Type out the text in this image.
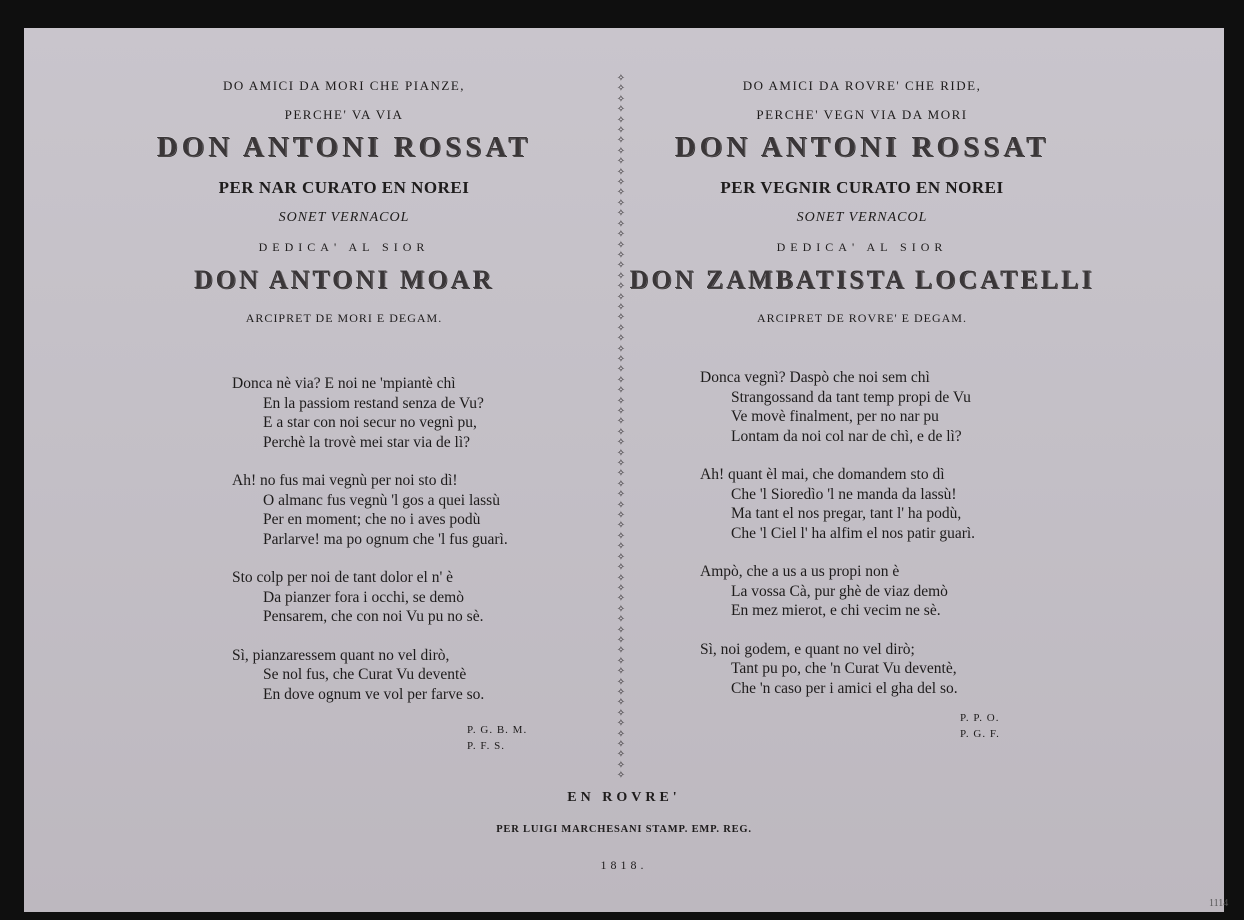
DO AMICI DA MORI CHE PIANZE,
PERCHE' VA VIA
DON ANTONI ROSSAT
PER NAR CURATO EN NOREI
SONET VERNACOL
DEDICA' AL SIOR
DON ANTONI MOAR
ARCIPRET DE MORI E DEGAM.
Donca nè via? E noi ne 'mpiantè chì
En la passiom restand senza de Vu?
E a star con noi secur no vegnì pu,
Perchè la trovè mei star via de lì?
Ah! no fus mai vegnù per noi sto dì!
O almanc fus vegnù 'l gos a quei lassù
Per en moment; che no i aves podù
Parlarve! ma po ognum che 'l fus guarì.
Sto colp per noi de tant dolor el n' è
Da pianzer fora i occhi, se demò
Pensarem, che con noi Vu pu no sè.
Sì, pianzaressem quant no vel dirò,
Se nol fus, che Curat Vu deventè
En dove ognum ve vol per farve so.
P. G. B. M.
P. F. S.
✧✧✧✧✧✧✧✧✧✧✧✧✧✧✧✧✧✧✧✧✧✧✧✧✧✧✧✧✧✧✧✧✧✧✧✧✧✧✧✧✧✧✧✧✧✧✧✧✧✧✧✧✧✧✧✧✧✧✧✧✧✧✧✧✧✧✧✧
DO AMICI DA ROVRE' CHE RIDE,
PERCHE' VEGN VIA DA MORI
DON ANTONI ROSSAT
PER VEGNIR CURATO EN NOREI
SONET VERNACOL
DEDICA' AL SIOR
DON ZAMBATISTA LOCATELLI
ARCIPRET DE ROVRE' E DEGAM.
Donca vegnì? Daspò che noi sem chì
Strangossand da tant temp propi de Vu
Ve movè finalment, per no nar pu
Lontam da noi col nar de chì, e de lì?
Ah! quant èl mai, che domandem sto dì
Che 'l Sioredìo 'l ne manda da lassù!
Ma tant el nos pregar, tant l' ha podù,
Che 'l Ciel l' ha alfim el nos patir guarì.
Ampò, che a us a us propi non è
La vossa Cà, pur ghè de viaz demò
En mez mierot, e chi vecim ne sè.
Sì, noi godem, e quant no vel dirò;
Tant pu po, che 'n Curat Vu deventè,
Che 'n caso per i amici el gha del so.
P. P. O.
P. G. F.
EN ROVRE'
PER LUIGI MARCHESANI STAMP. EMP. REG.
1818.
1114
